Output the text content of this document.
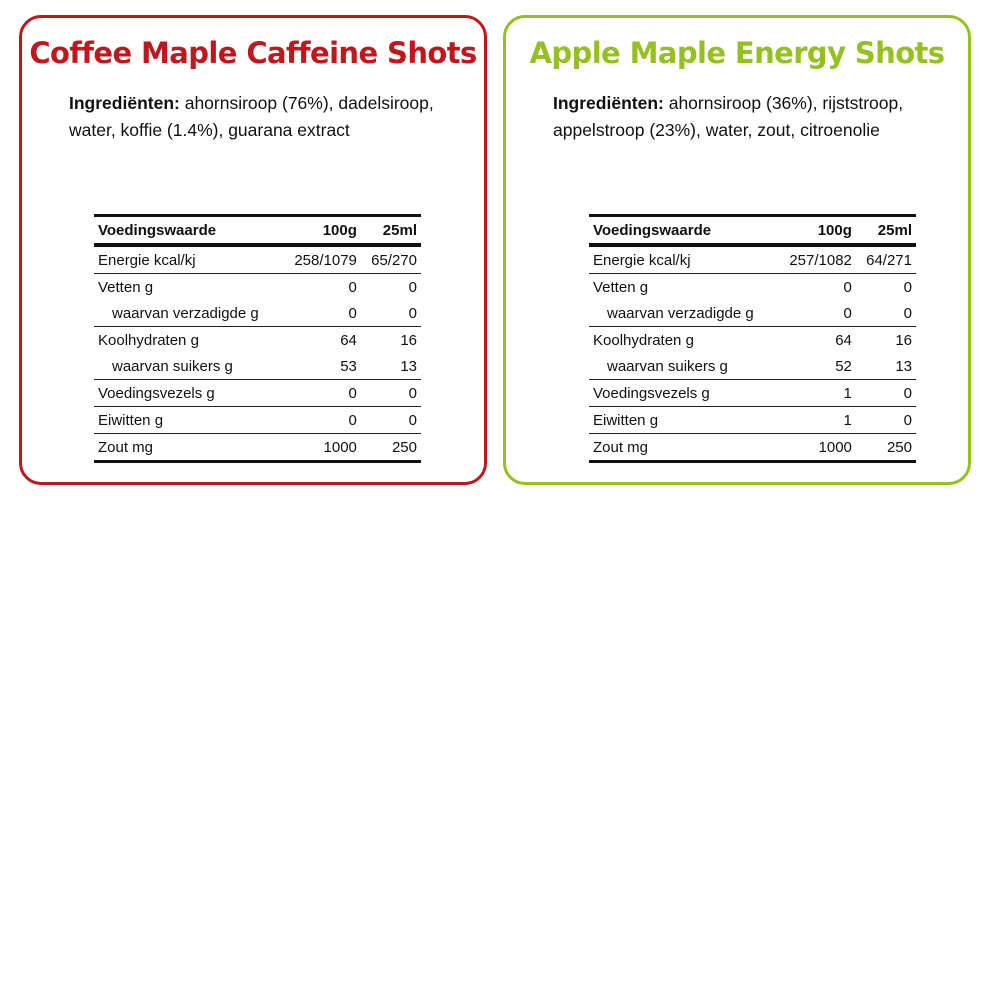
Coffee Maple Caffeine Shots
Ingrediënten: ahornsiroop (76%), dadelsiroop, water, koffie (1.4%), guarana extract
Voedingswaarde	100g	25ml
Energie kcal/kj	258/1079	65/270
Vetten g	0	0
waarvan verzadigde g	0	0
Koolhydraten g	64	16
waarvan suikers g	53	13
Voedingsvezels g	0	0
Eiwitten g	0	0
Zout mg	1000	250
Apple Maple Energy Shots
Ingrediënten: ahornsiroop (36%), rijststroop, appelstroop (23%), water, zout, citroenolie
Voedingswaarde	100g	25ml
Energie kcal/kj	257/1082	64/271
Vetten g	0	0
waarvan verzadigde g	0	0
Koolhydraten g	64	16
waarvan suikers g	52	13
Voedingsvezels g	1	0
Eiwitten g	1	0
Zout mg	1000	250
